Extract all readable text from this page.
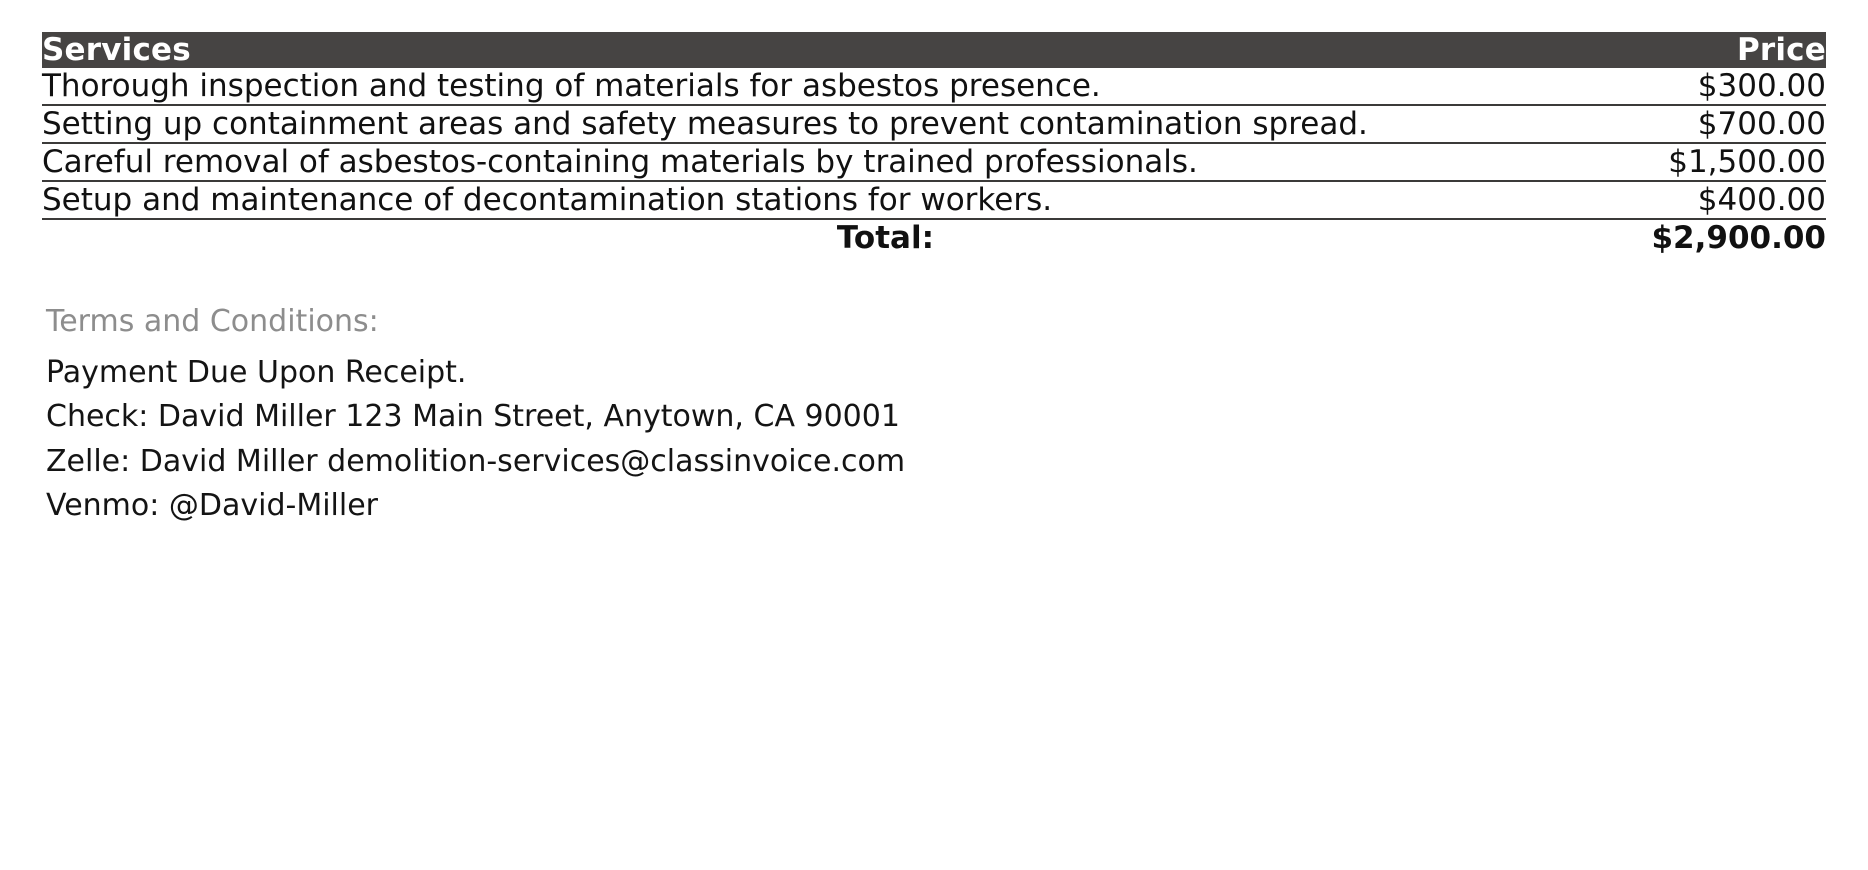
Services	Price
Thorough inspection and testing of materials for asbestos presence.	$300.00
Setting up containment areas and safety measures to prevent contamination spread.	$700.00
Careful removal of asbestos-containing materials by trained professionals.	$1,500.00
Setup and maintenance of decontamination stations for workers.	$400.00
Total:	$2,900.00
Terms and Conditions:
Payment Due Upon Receipt.
Check: David Miller 123 Main Street, Anytown, CA 90001
Zelle: David Miller demolition-services@classinvoice.com
Venmo: @David-Miller
